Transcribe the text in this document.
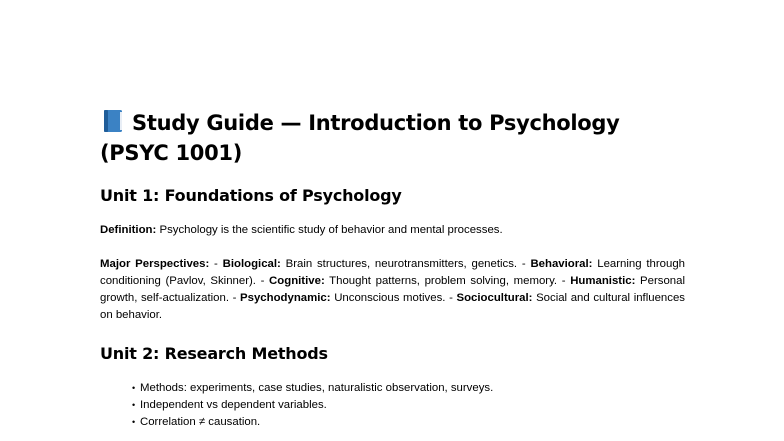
Study Guide — Introduction to Psychology (PSYC 1001)
Unit 1: Foundations of Psychology

Definition: Psychology is the scientific study of behavior and mental processes.

Major Perspectives: - Biological: Brain structures, neurotransmitters, genetics. - Behavioral: Learning through conditioning (Pavlov, Skinner). - Cognitive: Thought patterns, problem solving, memory. - Humanistic: Personal growth, self-actualization. - Psychodynamic: Unconscious motives. - Sociocultural: Social and cultural influences on behavior.

Unit 2: Research Methods
• Methods: experiments, case studies, naturalistic observation, surveys.
• Independent vs dependent variables.
• Correlation ≠ causation.
